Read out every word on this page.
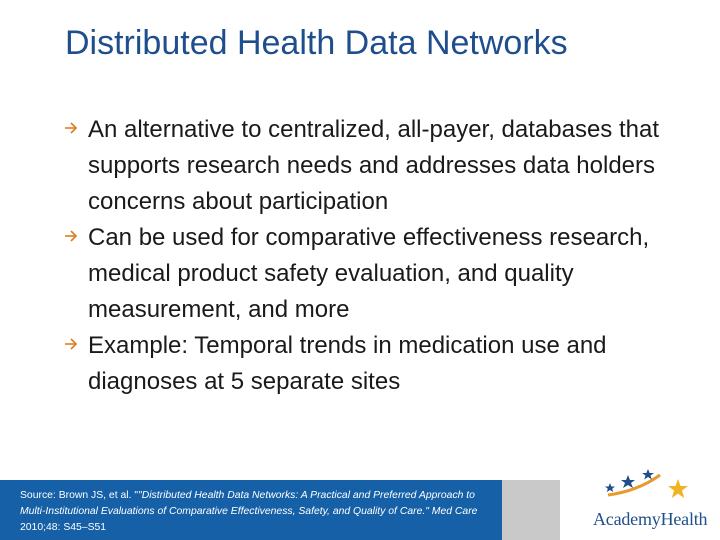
Distributed Health Data Networks
An alternative to centralized, all-payer, databases that supports research needs and addresses data holders concerns about participation
Can be used for comparative effectiveness research, medical product safety evaluation, and quality measurement, and more
Example: Temporal trends in medication use and diagnoses at 5 separate sites
Source: Brown JS, et al. ""Distributed Health Data Networks: A Practical and Preferred Approach to Multi-Institutional Evaluations of Comparative Effectiveness, Safety, and Quality of Care." Med Care 2010;48: S45–S51	AcademyHealth
